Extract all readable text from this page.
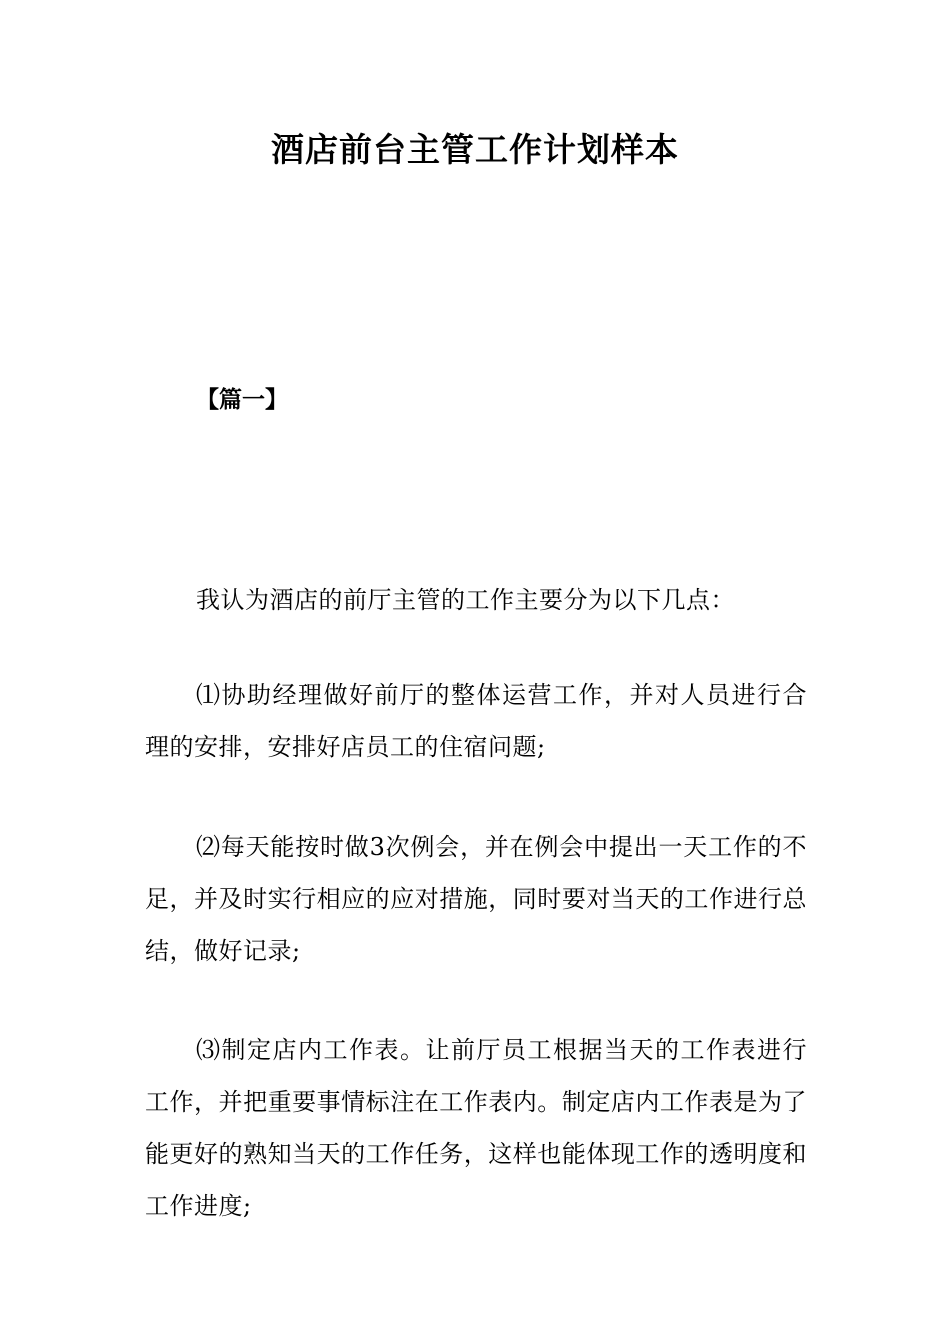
酒店前台主管工作计划样本
【篇一】

我认为酒店的前厅主管的工作主要分为以下几点：

⑴协助经理做好前厅的整体运营工作，并对人员进行合理的安排，安排好店员工的住宿问题;

⑵每天能按时做3次例会，并在例会中提出一天工作的不足，并及时实行相应的应对措施，同时要对当天的工作进行总结，做好记录;

⑶制定店内工作表。让前厅员工根据当天的工作表进行工作，并把重要事情标注在工作表内。制定店内工作表是为了能更好的熟知当天的工作任务，这样也能体现工作的透明度和工作进度;
